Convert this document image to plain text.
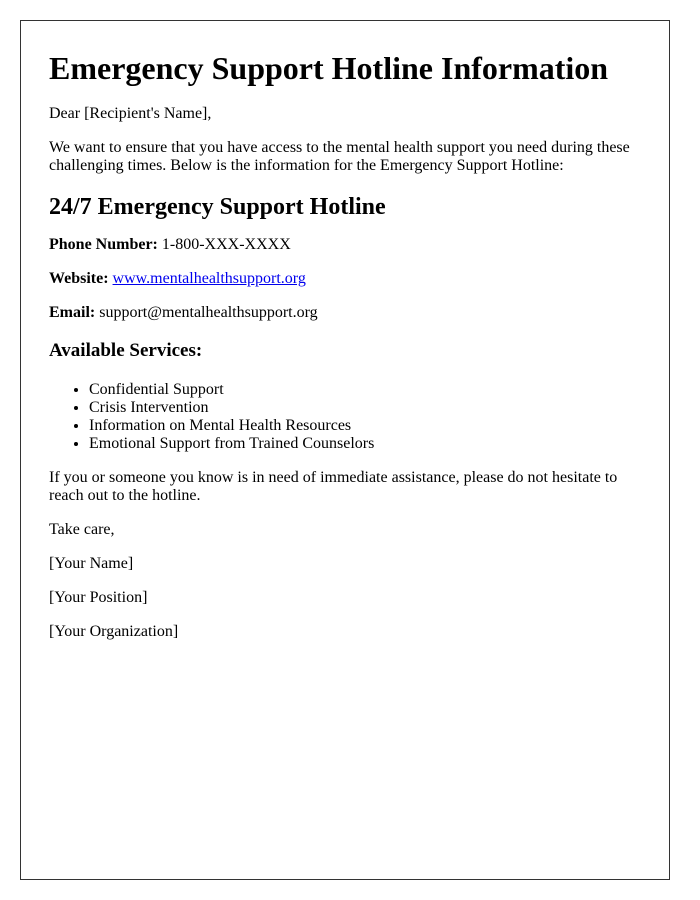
Emergency Support Hotline Information

Dear [Recipient's Name],

We want to ensure that you have access to the mental health support you need during these challenging times. Below is the information for the Emergency Support Hotline:

24/7 Emergency Support Hotline

Phone Number: 1-800-XXX-XXXX

Website: www.mentalhealthsupport.org

Email: support@mentalhealthsupport.org

Available Services:
• Confidential Support
• Crisis Intervention
• Information on Mental Health Resources
• Emotional Support from Trained Counselors

If you or someone you know is in need of immediate assistance, please do not hesitate to reach out to the hotline.

Take care,

[Your Name]

[Your Position]

[Your Organization]
